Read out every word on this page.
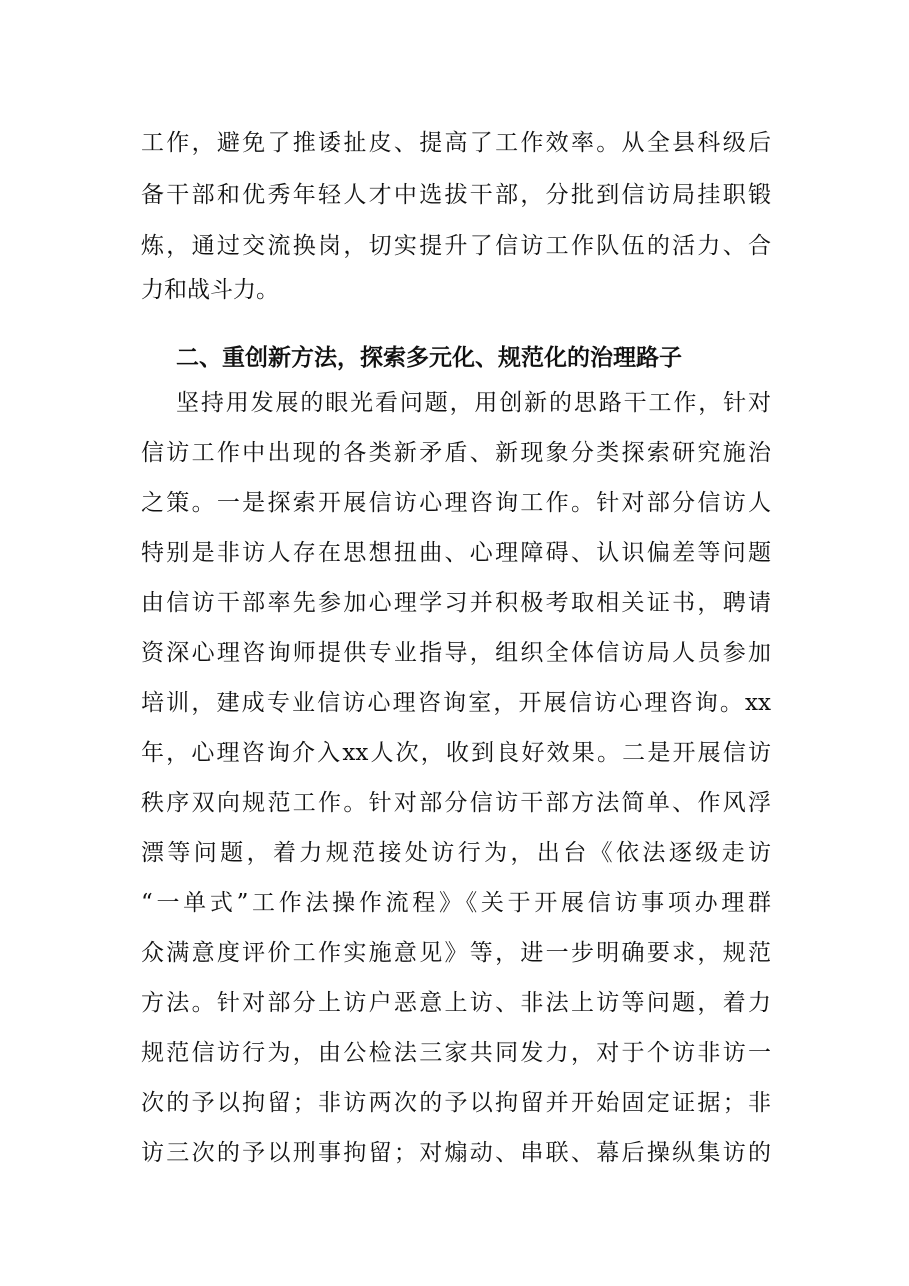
工作，避免了推诿扯皮、提高了工作效率。从全县科级后
备干部和优秀年轻人才中选拔干部，分批到信访局挂职锻
炼，通过交流换岗，切实提升了信访工作队伍的活力、合
力和战斗力。
二、重创新方法，探索多元化、规范化的治理路子
坚持用发展的眼光看问题，用创新的思路干工作，针对
信访工作中出现的各类新矛盾、新现象分类探索研究施治
之策。一是探索开展信访心理咨询工作。针对部分信访人
特别是非访人存在思想扭曲、心理障碍、认识偏差等问题
由信访干部率先参加心理学习并积极考取相关证书，聘请
资深心理咨询师提供专业指导，组织全体信访局人员参加
培训，建成专业信访心理咨询室，开展信访心理咨询。xx
年，心理咨询介入xx人次，收到良好效果。二是开展信访
秩序双向规范工作。针对部分信访干部方法简单、作风浮
漂等问题，着力规范接处访行为，出台《依法逐级走访
“一单式”工作法操作流程》《关于开展信访事项办理群
众满意度评价工作实施意见》等，进一步明确要求，规范
方法。针对部分上访户恶意上访、非法上访等问题，着力
规范信访行为，由公检法三家共同发力，对于个访非访一
次的予以拘留；非访两次的予以拘留并开始固定证据；非
访三次的予以刑事拘留；对煽动、串联、幕后操纵集访的
